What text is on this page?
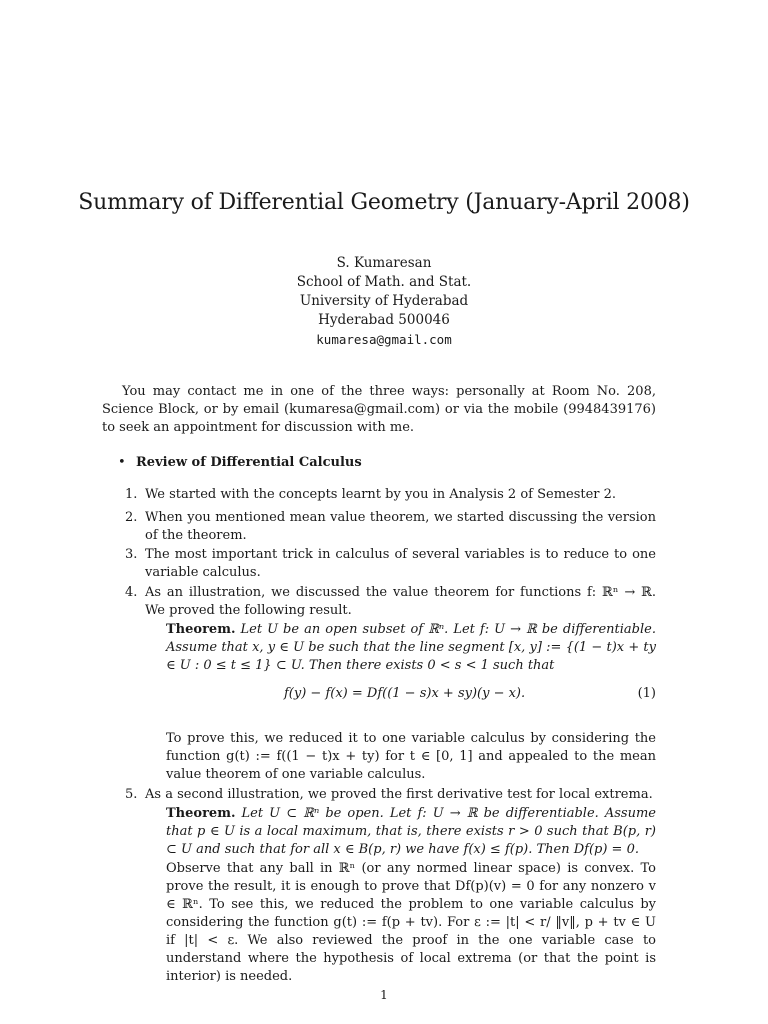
Summary of Differential Geometry (January-April 2008)
S. Kumaresan
School of Math. and Stat.
University of Hyderabad
Hyderabad 500046
kumaresa@gmail.com
You may contact me in one of the three ways: personally at Room No. 208, Science Block, or by email (kumaresa@gmail.com) or via the mobile (9948439176) to seek an appointment for discussion with me.
• Review of Differential Calculus
1. We started with the concepts learnt by you in Analysis 2 of Semester 2.
2. When you mentioned mean value theorem, we started discussing the version of the theorem.
3. The most important trick in calculus of several variables is to reduce to one variable calculus.
4. As an illustration, we discussed the value theorem for functions f: ℝⁿ → ℝ. We proved the following result.
Theorem. Let U be an open subset of ℝⁿ. Let f: U → ℝ be differentiable. Assume that x, y ∈ U be such that the line segment [x, y] := {(1 − t)x + ty ∈ U : 0 ≤ t ≤ 1} ⊂ U. Then there exists 0 < s < 1 such that
f(y) − f(x) = Df((1 − s)x + sy)(y − x).	(1)
To prove this, we reduced it to one variable calculus by considering the function g(t) := f((1 − t)x + ty) for t ∈ [0, 1] and appealed to the mean value theorem of one variable calculus.
5. As a second illustration, we proved the first derivative test for local extrema.
Theorem. Let U ⊂ ℝⁿ be open. Let f: U → ℝ be differentiable. Assume that p ∈ U is a local maximum, that is, there exists r > 0 such that B(p, r) ⊂ U and such that for all x ∈ B(p, r) we have f(x) ≤ f(p). Then Df(p) = 0.
Observe that any ball in ℝⁿ (or any normed linear space) is convex. To prove the result, it is enough to prove that Df(p)(v) = 0 for any nonzero v ∈ ℝⁿ. To see this, we reduced the problem to one variable calculus by considering the function g(t) := f(p + tv). For ε := |t| < r/ ‖v‖, p + tv ∈ U if |t| < ε. We also reviewed the proof in the one variable case to understand where the hypothesis of local extrema (or that the point is interior) is needed.
1
